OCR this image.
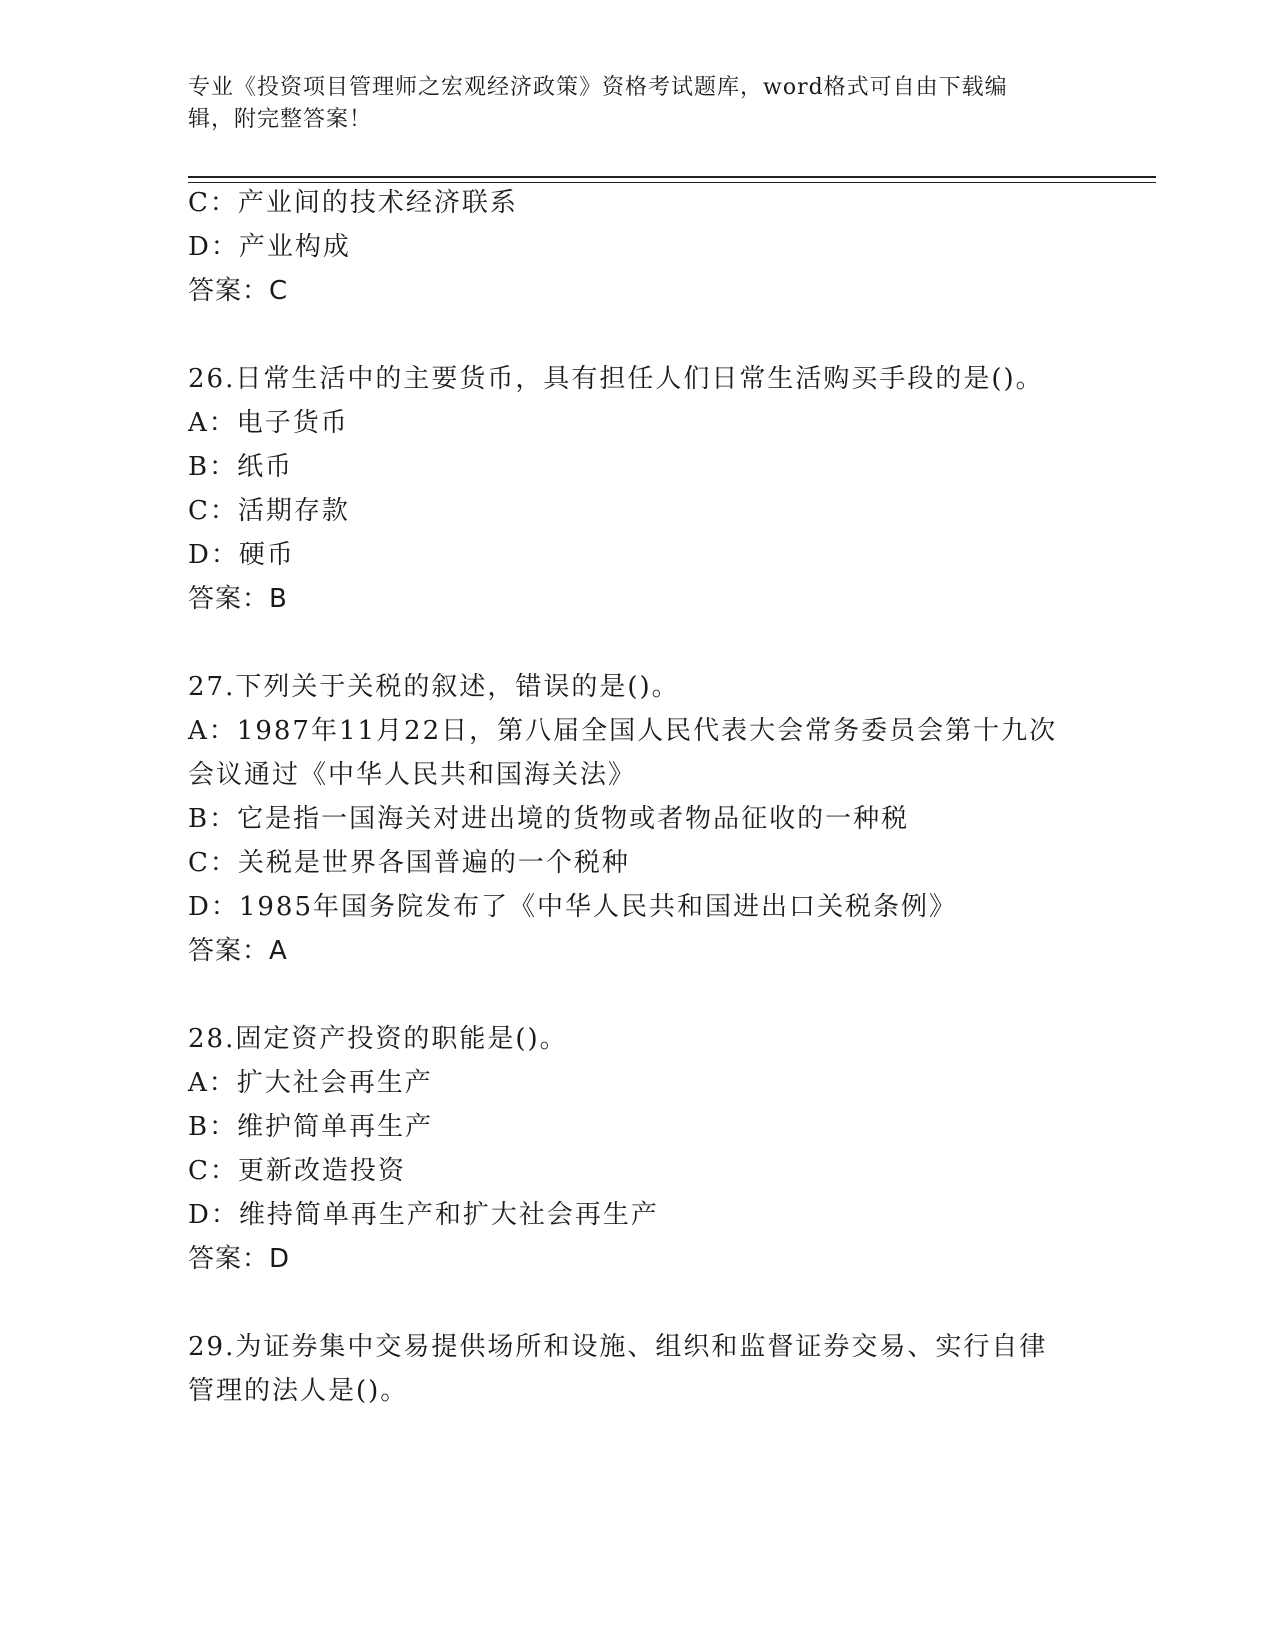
专业《投资项目管理师之宏观经济政策》资格考试题库，word格式可自由下载编
辑，附完整答案！
C：产业间的技术经济联系
D：产业构成
答案：C
26.日常生活中的主要货币，具有担任人们日常生活购买手段的是()。
A：电子货币
B：纸币
C：活期存款
D：硬币
答案：B
27.下列关于关税的叙述，错误的是()。
A：1987年11月22日，第八届全国人民代表大会常务委员会第十九次
会议通过《中华人民共和国海关法》
B：它是指一国海关对进出境的货物或者物品征收的一种税
C：关税是世界各国普遍的一个税种
D：1985年国务院发布了《中华人民共和国进出口关税条例》
答案：A
28.固定资产投资的职能是()。
A：扩大社会再生产
B：维护简单再生产
C：更新改造投资
D：维持简单再生产和扩大社会再生产
答案：D
29.为证券集中交易提供场所和设施、组织和监督证券交易、实行自律
管理的法人是()。
